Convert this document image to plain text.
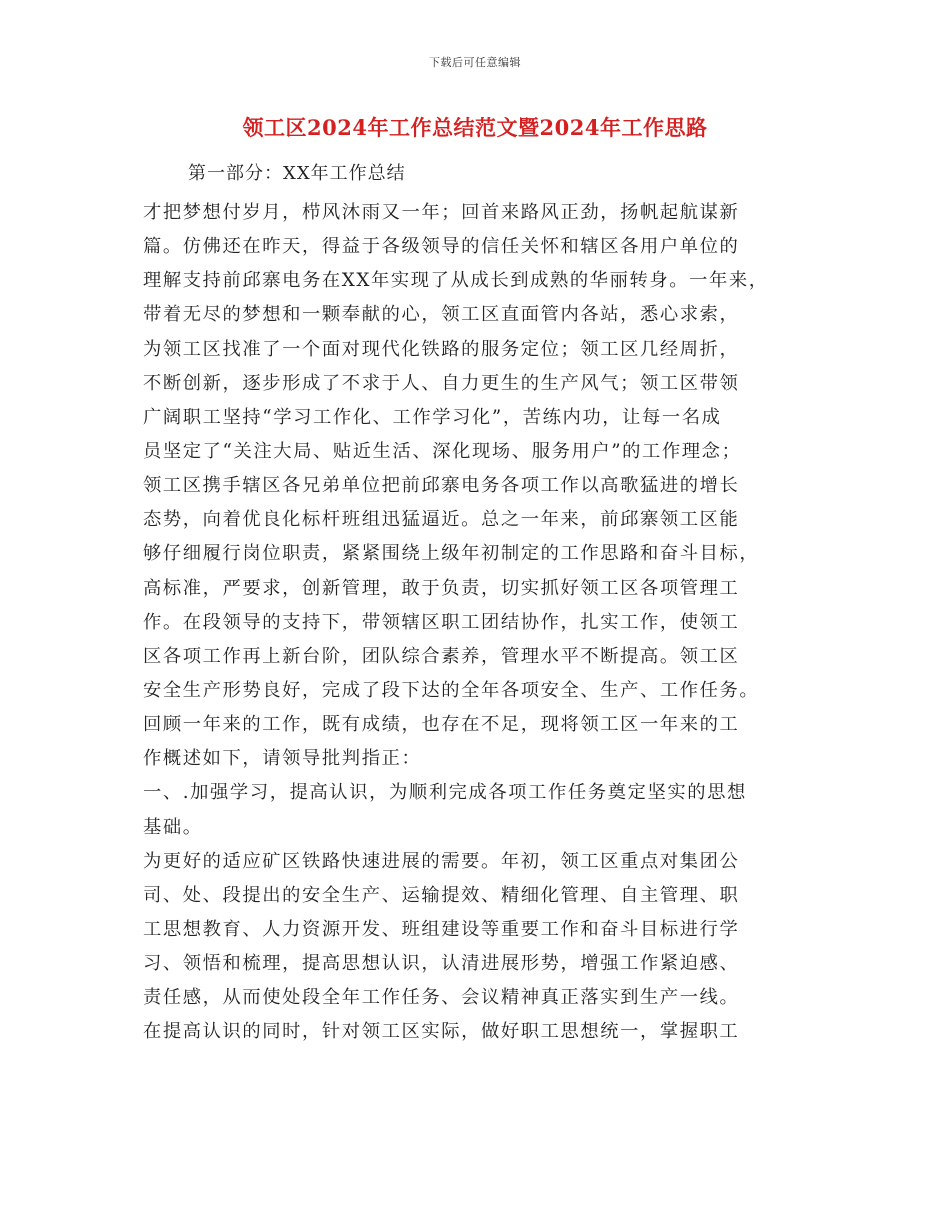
下载后可任意编辑
领工区2024年工作总结范文暨2024年工作思路
第一部分：XX年工作总结
才把梦想付岁月，栉风沐雨又一年；回首来路风正劲，扬帆起航谋新
篇。仿佛还在昨天，得益于各级领导的信任关怀和辖区各用户单位的
理解支持前邱寨电务在XX年实现了从成长到成熟的华丽转身。一年来，
带着无尽的梦想和一颗奉献的心，领工区直面管内各站，悉心求索，
为领工区找准了一个面对现代化铁路的服务定位；领工区几经周折，
不断创新，逐步形成了不求于人、自力更生的生产风气；领工区带领
广阔职工坚持“学习工作化、工作学习化”，苦练内功，让每一名成
员坚定了“关注大局、贴近生活、深化现场、服务用户”的工作理念；
领工区携手辖区各兄弟单位把前邱寨电务各项工作以高歌猛进的增长
态势，向着优良化标杆班组迅猛逼近。总之一年来，前邱寨领工区能
够仔细履行岗位职责，紧紧围绕上级年初制定的工作思路和奋斗目标，
高标准，严要求，创新管理，敢于负责，切实抓好领工区各项管理工
作。在段领导的支持下，带领辖区职工团结协作，扎实工作，使领工
区各项工作再上新台阶，团队综合素养，管理水平不断提高。领工区
安全生产形势良好，完成了段下达的全年各项安全、生产、工作任务。
回顾一年来的工作，既有成绩，也存在不足，现将领工区一年来的工
作概述如下，请领导批判指正：
一、.加强学习，提高认识，为顺利完成各项工作任务奠定坚实的思想
基础。
为更好的适应矿区铁路快速进展的需要。年初，领工区重点对集团公
司、处、段提出的安全生产、运输提效、精细化管理、自主管理、职
工思想教育、人力资源开发、班组建设等重要工作和奋斗目标进行学
习、领悟和梳理，提高思想认识，认清进展形势，增强工作紧迫感、
责任感，从而使处段全年工作任务、会议精神真正落实到生产一线。
在提高认识的同时，针对领工区实际，做好职工思想统一，掌握职工
